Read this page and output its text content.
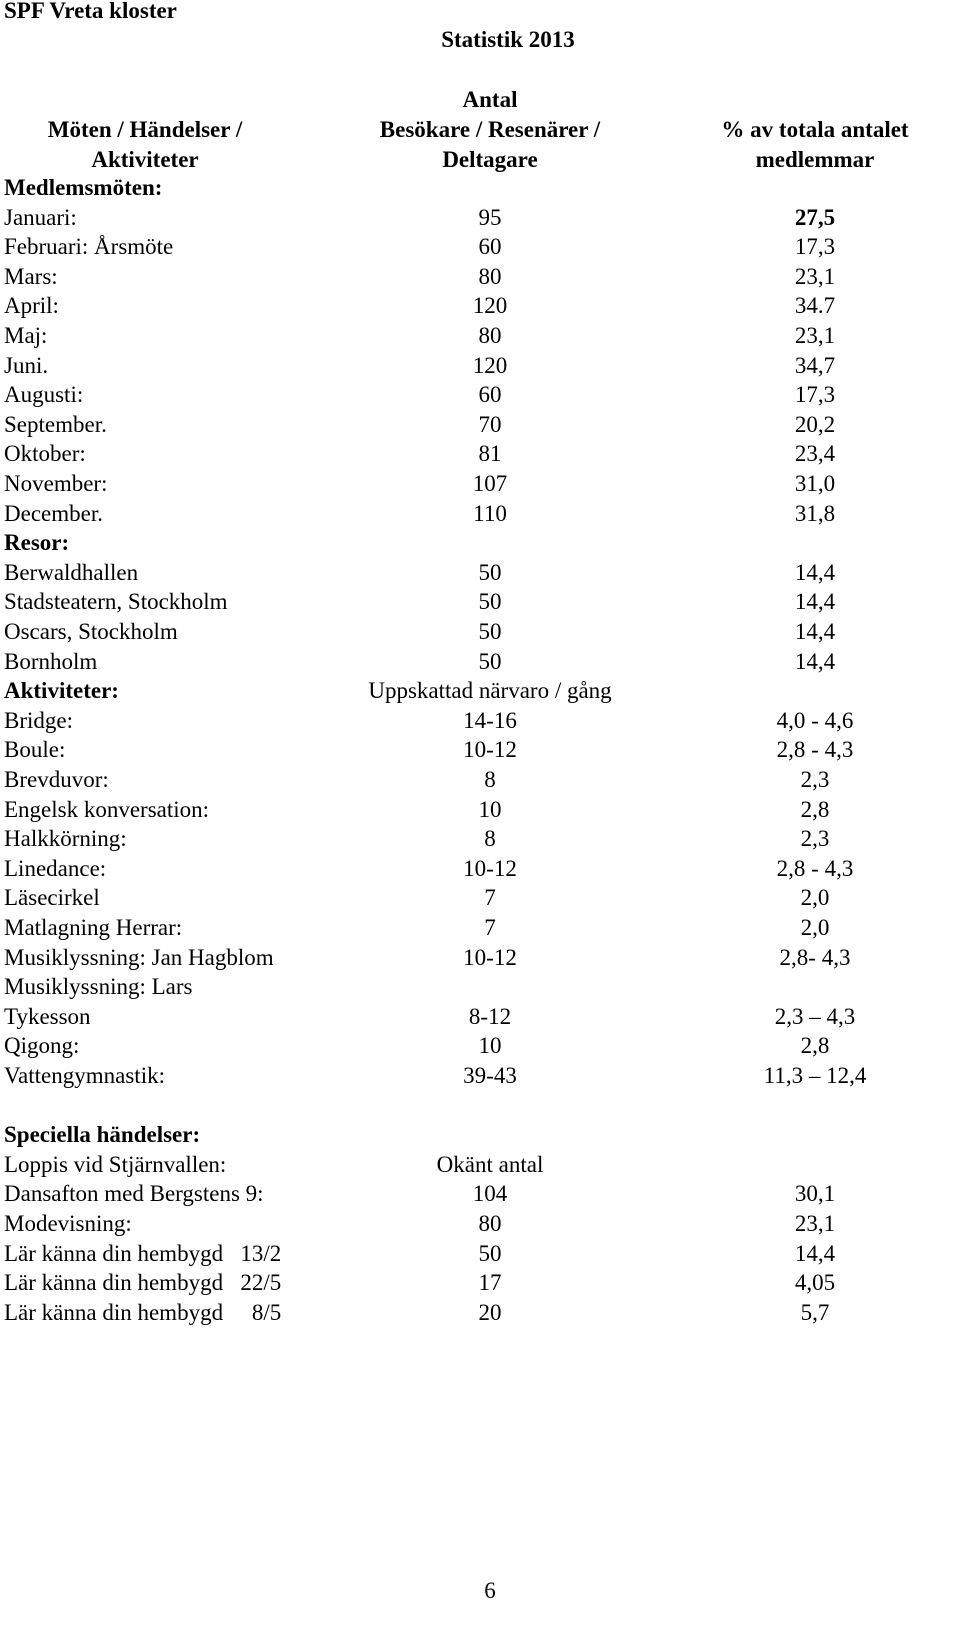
SPF Vreta kloster
Statistik 2013
Möten / Händelser /
Aktiviteter
Antal
Besökare / Resenärer /
Deltagare
% av totala antalet
medlemmar
Medlemsmöten:
Januari:	95	27,5
Februari: Årsmöte	60	17,3
Mars:	80	23,1
April:	120	34.7
Maj:	80	23,1
Juni.	120	34,7
Augusti:	60	17,3
September.	70	20,2
Oktober:	81	23,4
November:	107	31,0
December.	110	31,8
Resor:
Berwaldhallen	50	14,4
Stadsteatern, Stockholm	50	14,4
Oscars, Stockholm	50	14,4
Bornholm	50	14,4
Aktiviteter:	Uppskattad närvaro / gång
Bridge:	14-16	4,0 - 4,6
Boule:	10-12	2,8 - 4,3
Brevduvor:	8	2,3
Engelsk konversation:	10	2,8
Halkkörning:	8	2,3
Linedance:	10-12	2,8 - 4,3
Läsecirkel	7	2,0
Matlagning Herrar:	7	2,0
Musiklyssning: Jan Hagblom	10-12	2,8- 4,3
Musiklyssning: Lars
Tykesson	8-12	2,3 – 4,3
Qigong:	10	2,8
Vattengymnastik:	39-43	11,3 – 12,4
Speciella händelser:
Loppis vid Stjärnvallen:	Okänt antal
Dansafton med Bergstens 9:	104	30,1
Modevisning:	80	23,1
Lär känna din hembygd   13/2	50	14,4
Lär känna din hembygd   22/5	17	4,05
Lär känna din hembygd     8/5	20	5,7
6
